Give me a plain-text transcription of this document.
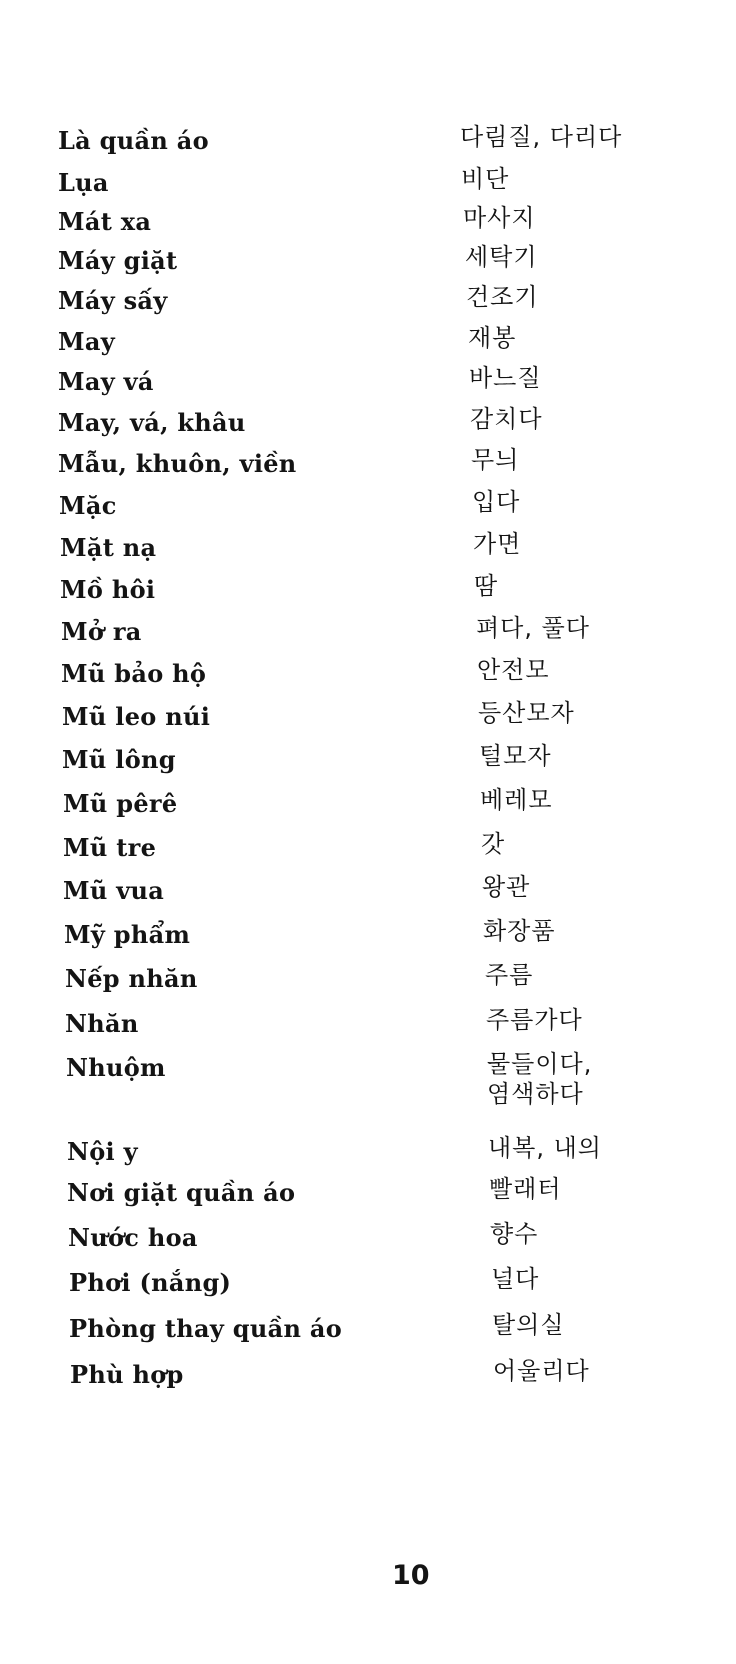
Là quần áo	다림질, 다리다
Lụa	비단
Mát xa	마사지
Máy giặt	세탁기
Máy sấy	건조기
May	재봉
May vá	바느질
May, vá, khâu	감치다
Mẫu, khuôn, viền	무늬
Mặc	입다
Mặt nạ	가면
Mồ hôi	땀
Mở ra	펴다, 풀다
Mũ bảo hộ	안전모
Mũ leo núi	등산모자
Mũ lông	털모자
Mũ pêrê	베레모
Mũ tre	갓
Mũ vua	왕관
Mỹ phẩm	화장품
Nếp nhăn	주름
Nhăn	주름가다
Nhuộm	물들이다,
염색하다
Nội y	내복, 내의
Nơi giặt quần áo	빨래터
Nước hoa	향수
Phơi (nắng)	널다
Phòng thay quần áo	탈의실
Phù hợp	어울리다
10
